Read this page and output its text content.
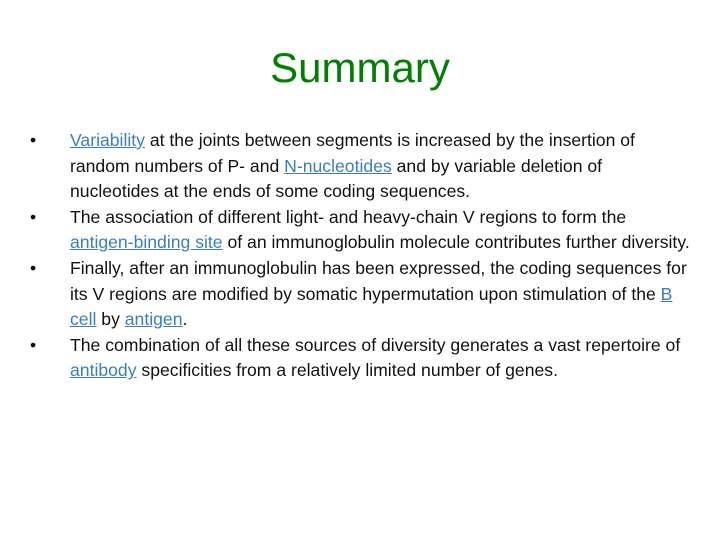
Summary
•	Variability at the joints between segments is increased by the insertion of random numbers of P- and N-nucleotides and by variable deletion of nucleotides at the ends of some coding sequences.
•	The association of different light- and heavy-chain V regions to form the antigen-binding site of an immunoglobulin molecule contributes further diversity.
•	Finally, after an immunoglobulin has been expressed, the coding sequences for its V regions are modified by somatic hypermutation upon stimulation of the B cell by antigen.
•	The combination of all these sources of diversity generates a vast repertoire of antibody specificities from a relatively limited number of genes.
